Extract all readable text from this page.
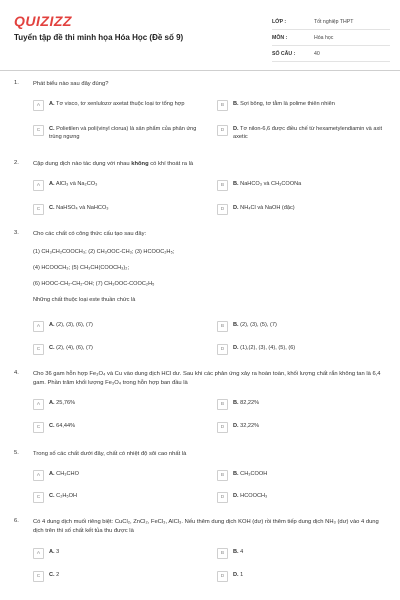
QUIZIZZ
Tuyển tập đề thi minh họa Hóa Học (Đề số 9)
LỚP :	Tốt nghiệp THPT
MÔN :	Hóa học
SỐ CÂU :	40
1. Phát biểu nào sau đây đúng?
A	A. Tơ visco, tơ xenlulozơ axetat thuộc loại tơ tổng hợp	B	B. Sợi bông, tơ tằm là polime thiên nhiên
C	C. Polietilen và poli(vinyl clorua) là sản phẩm của phản ứng trùng ngưng
D	D. Tơ nilon-6,6 được điều chế từ hexametylendiamin và axit axetic
2. Cặp dung dịch nào tác dụng với nhau không có khí thoát ra là
A	A. AlCl₃ và Na₂CO₃	B	B. NaHCO₃ và CH₃COONa
C	C. NaHSO₄ và NaHCO₃	D	D. NH₄Cl và NaOH (đặc)
3. Cho các chất có công thức cấu tạo sau đây:
(1) CH₃CH₂COOCH₃; (2) CH₃OOC-CH₃; (3) HCOOC₂H₅;
(4) HCOOCH₃; (5) CH₃CH(COOCH₃)₂;
(6) HOOC-CH₂-CH₂-OH; (7) CH₃OOC-COOC₂H₅
Những chất thuộc loại este thuần chức là
A	A. (2), (3), (6), (7)	B	B. (2), (3), (5), (7)
C	C. (2), (4), (6), (7)	D	D. (1),(2), (3), (4), (5), (6)
4. Cho 36 gam hỗn hợp Fe₃O₄ và Cu vào dung dịch HCl dư. Sau khi các phản ứng xảy ra hoàn toàn, khối lượng chất rắn không tan là 6,4 gam. Phần trăm khối lượng Fe₃O₄ trong hỗn hợp ban đầu là
A	A. 25,76%	B	B. 82,22%
C	C. 64,44%	D	D. 32,22%
5. Trong số các chất dưới đây, chất có nhiệt độ sôi cao nhất là
A	A. CH₃CHO	B	B. CH₃COOH
C	C. C₂H₅OH	D	D. HCOOCH₃
6. Có 4 dung dịch muối riêng biệt: CuCl₂, ZnCl₂, FeCl₃, AlCl₃. Nếu thêm dung dịch KOH (dư) rồi thêm tiếp dung dịch NH₃ (dư) vào 4 dung dịch trên thì số chất kết tủa thu được là
A	A. 3	B	B. 4
C	C. 2	D	D. 1
